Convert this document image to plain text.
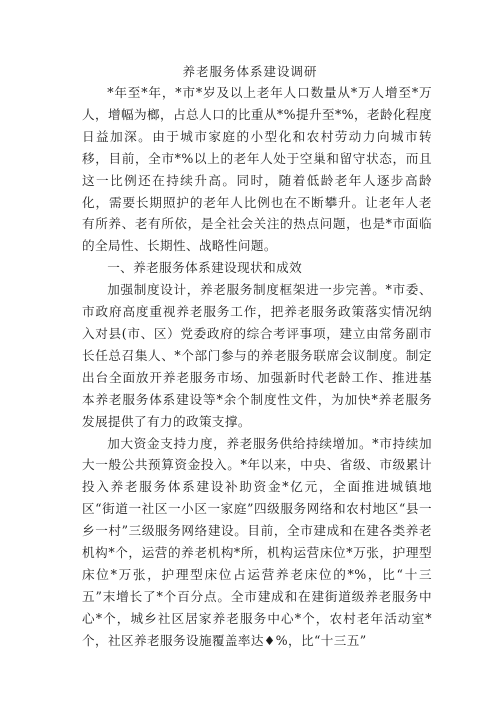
养老服务体系建设调研

*年至*年，*市*岁及以上老年人口数量从*万人增至*万人，增幅为榔，占总人口的比重从*%提升至*%，老龄化程度日益加深。由于城市家庭的小型化和农村劳动力向城市转移，目前，全市*%以上的老年人处于空巢和留守状态，而且这一比例还在持续升高。同时，随着低龄老年人逐步高龄化，需要长期照护的老年人比例也在不断攀升。让老年人老有所养、老有所依，是全社会关注的热点问题，也是*市面临的全局性、长期性、战略性问题。

一、养老服务体系建设现状和成效

加强制度设计，养老服务制度框架进一步完善。*市委、市政府高度重视养老服务工作，把养老服务政策落实情况纳入对县(市、区）党委政府的综合考评事项，建立由常务副市长任总召集人、*个部门参与的养老服务联席会议制度。制定出台全面放开养老服务市场、加强新时代老龄工作、推进基本养老服务体系建设等*余个制度性文件，为加快*养老服务发展提供了有力的政策支撑。

加大资金支持力度，养老服务供给持续增加。*市持续加大一般公共预算资金投入。*年以来，中央、省级、市级累计投入养老服务体系建设补助资金*亿元，全面推进城镇地区“街道一社区一小区一家庭”四级服务网络和农村地区“县一乡一村”三级服务网络建设。目前，全市建成和在建各类养老机构*个，运营的养老机构*所，机构运营床位*万张，护理型床位*万张，护理型床位占运营养老床位的*%，比“十三五”末增长了*个百分点。全市建成和在建街道级养老服务中心*个，城乡社区居家养老服务中心*个，农村老年活动室*个，社区养老服务设施覆盖率达♦%，比“十三五”
